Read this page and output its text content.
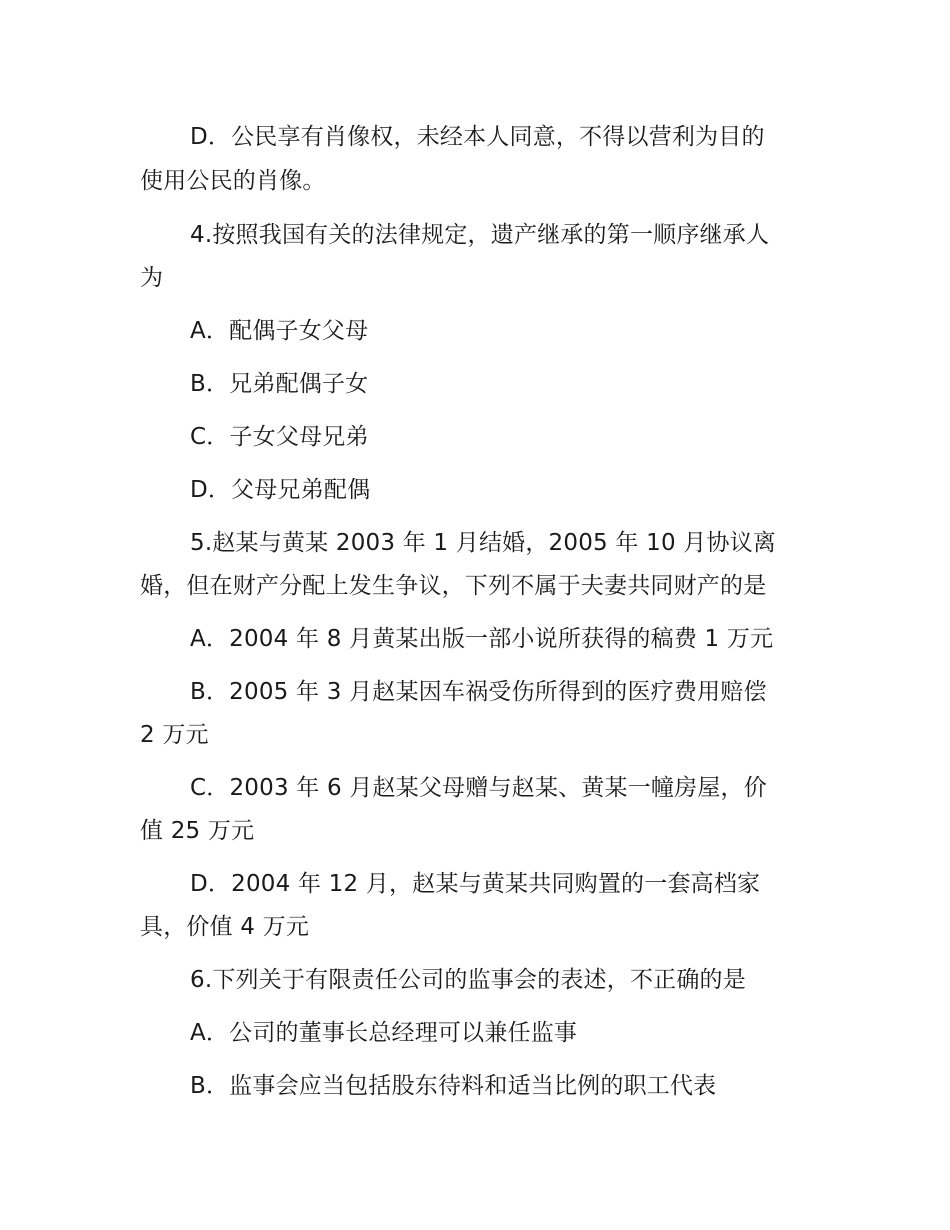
D．公民享有肖像权，未经本人同意，不得以营利为目的
使用公民的肖像。
4.按照我国有关的法律规定，遗产继承的第一顺序继承人
为
A．配偶子女父母
B．兄弟配偶子女
C．子女父母兄弟
D．父母兄弟配偶
5.赵某与黄某 2003 年 1 月结婚，2005 年 10 月协议离
婚，但在财产分配上发生争议，下列不属于夫妻共同财产的是
A．2004 年 8 月黄某出版一部小说所获得的稿费 1 万元
B．2005 年 3 月赵某因车祸受伤所得到的医疗费用赔偿
2 万元
C．2003 年 6 月赵某父母赠与赵某、黄某一幢房屋，价
值 25 万元
D．2004 年 12 月，赵某与黄某共同购置的一套高档家
具，价值 4 万元
6.下列关于有限责任公司的监事会的表述，不正确的是
A．公司的董事长总经理可以兼任监事
B．监事会应当包括股东待料和适当比例的职工代表
